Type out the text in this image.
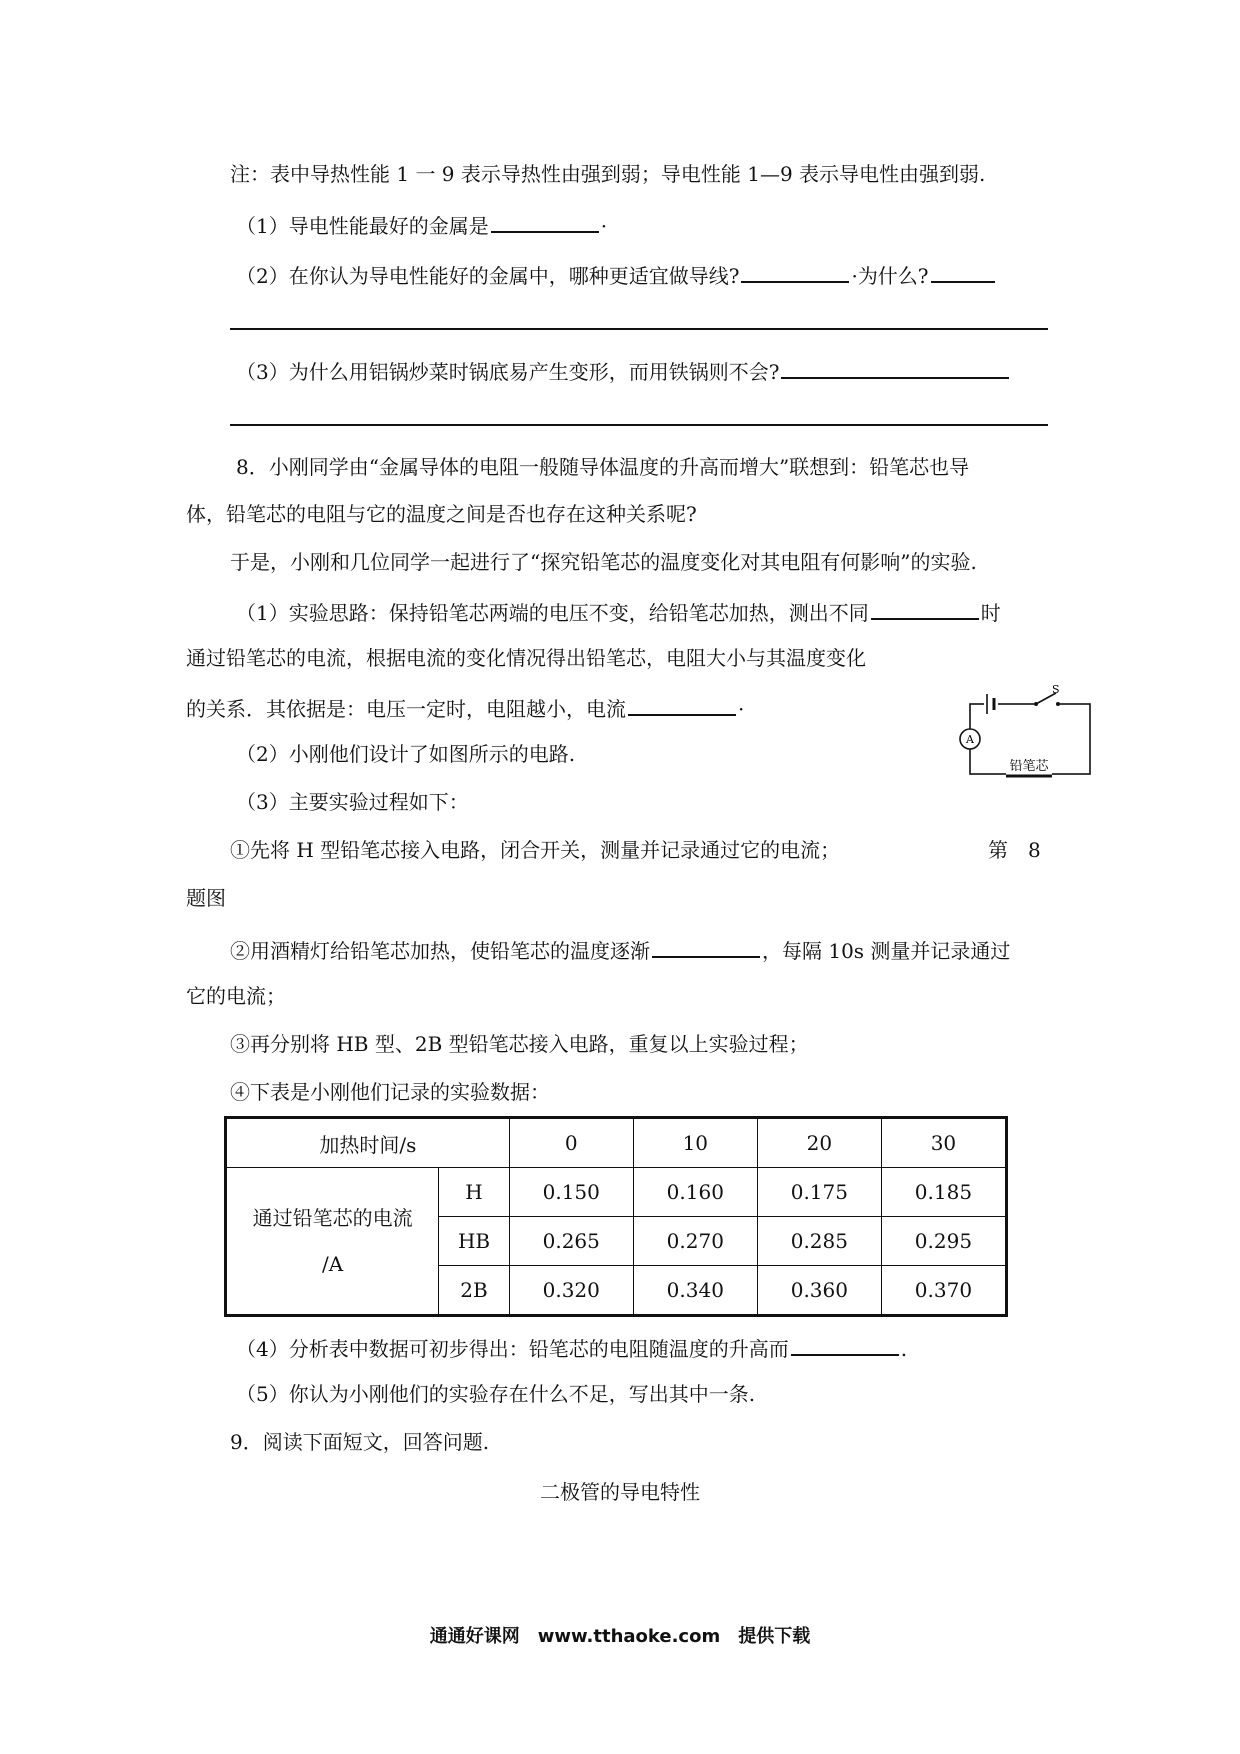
注：表中导热性能 1 一 9 表示导热性由强到弱；导电性能 1—9 表示导电性由强到弱.
（1）导电性能最好的金属是	·
（2）在你认为导电性能好的金属中，哪种更适宜做导线?	·为什么?
（3）为什么用铝锅炒菜时锅底易产生变形，而用铁锅则不会?
8．小刚同学由“金属导体的电阻一般随导体温度的升高而增大”联想到：铅笔芯也导
体，铅笔芯的电阻与它的温度之间是否也存在这种关系呢?
于是，小刚和几位同学一起进行了“探究铅笔芯的温度变化对其电阻有何影响”的实验.
（1）实验思路：保持铅笔芯两端的电压不变，给铅笔芯加热，测出不同	时
通过铅笔芯的电流，根据电流的变化情况得出铅笔芯，电阻大小与其温度变化
的关系．其依据是：电压一定时，电阻越小，电流	·
S
A
铅笔芯
（2）小刚他们设计了如图所示的电路.
（3）主要实验过程如下：
①先将 H 型铅笔芯接入电路，闭合开关，测量并记录通过它的电流；	第　8
题图
②用酒精灯给铅笔芯加热，使铅笔芯的温度逐渐	，每隔 10s 测量并记录通过
它的电流；
③再分别将 HB 型、2B 型铅笔芯接入电路，重复以上实验过程；
④下表是小刚他们记录的实验数据：
加热时间/s		0	10	20	30

通过铅笔芯的电流
/A	H	0.150	0.160	0.175	0.185
	HB	0.265	0.270	0.285	0.295
	2B	0.320	0.340	0.360	0.370
（4）分析表中数据可初步得出：铅笔芯的电阻随温度的升高而	.
（5）你认为小刚他们的实验存在什么不足，写出其中一条.
9．阅读下面短文，回答问题.
二极管的导电特性
通通好课网　www.tthaoke.com　提供下载
